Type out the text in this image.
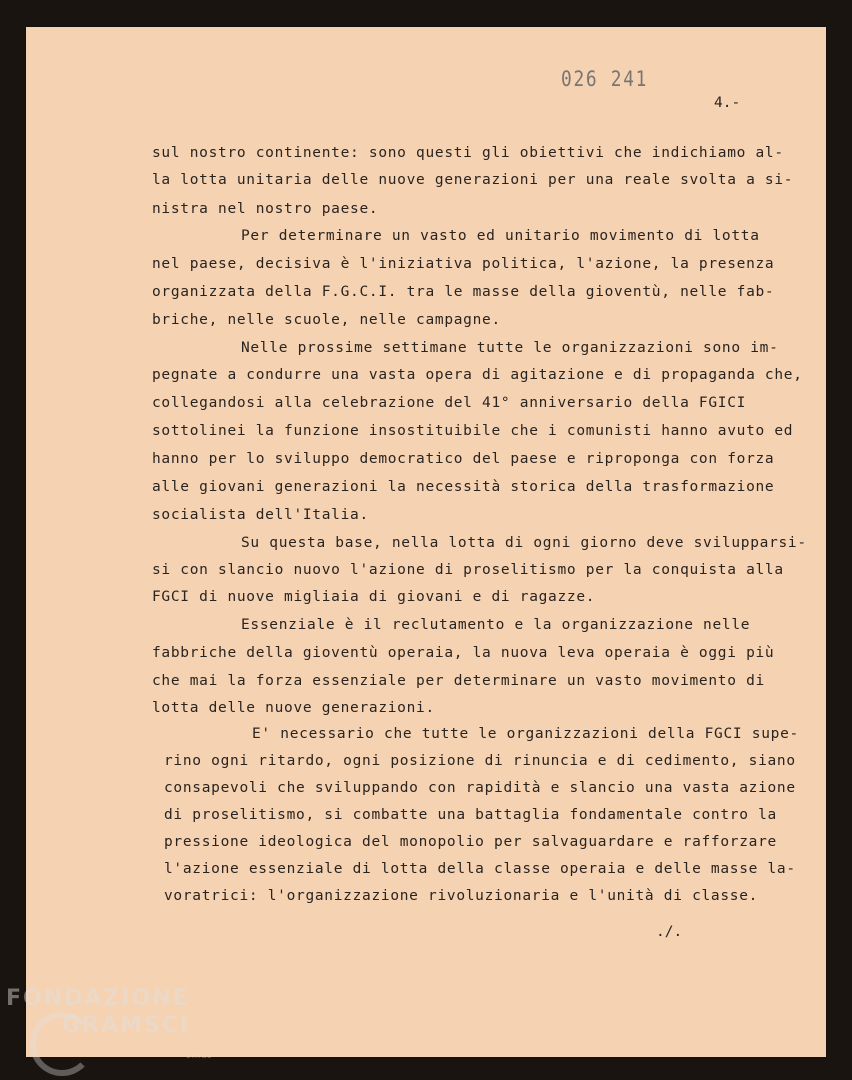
026 241
4.-
sul nostro continente: sono questi gli obiettivi che indichiamo al-
la lotta unitaria delle nuove generazioni per una reale svolta a si-
nistra nel nostro paese.
Per determinare un vasto ed unitario movimento di lotta
nel paese, decisiva è l'iniziativa politica, l'azione, la presenza
organizzata della F.G.C.I. tra le masse della gioventù, nelle fab-
briche, nelle scuole, nelle campagne.
Nelle prossime settimane tutte le organizzazioni sono im-
pegnate a condurre una vasta opera di agitazione e di propaganda che,
collegandosi alla celebrazione del 41° anniversario della FGICI
sottolinei la funzione insostituibile che i comunisti hanno avuto ed
hanno per lo sviluppo democratico del paese e riproponga con forza
alle giovani generazioni la necessità storica della trasformazione
socialista dell'Italia.
Su questa base, nella lotta di ogni giorno deve svilupparsi-
si con slancio nuovo l'azione di proselitismo per la conquista alla
FGCI di nuove migliaia di giovani e di ragazze.
Essenziale è il reclutamento e la organizzazione nelle
fabbriche della gioventù operaia, la nuova leva operaia è oggi più
che mai la forza essenziale per determinare un vasto movimento di
lotta delle nuove generazioni.
E' necessario che tutte le organizzazioni della FGCI supe-
rino ogni ritardo, ogni posizione di rinuncia e di cedimento, siano
consapevoli che sviluppando con rapidità e slancio una vasta azione
di proselitismo, si combatte una battaglia fondamentale contro la
pressione ideologica del monopolio per salvaguardare e rafforzare
l'azione essenziale di lotta della classe operaia e delle masse la-
voratrici: l'organizzazione rivoluzionaria e l'unità di classe.
./.
FONDAZIONE
GRAMSCI
onlus
